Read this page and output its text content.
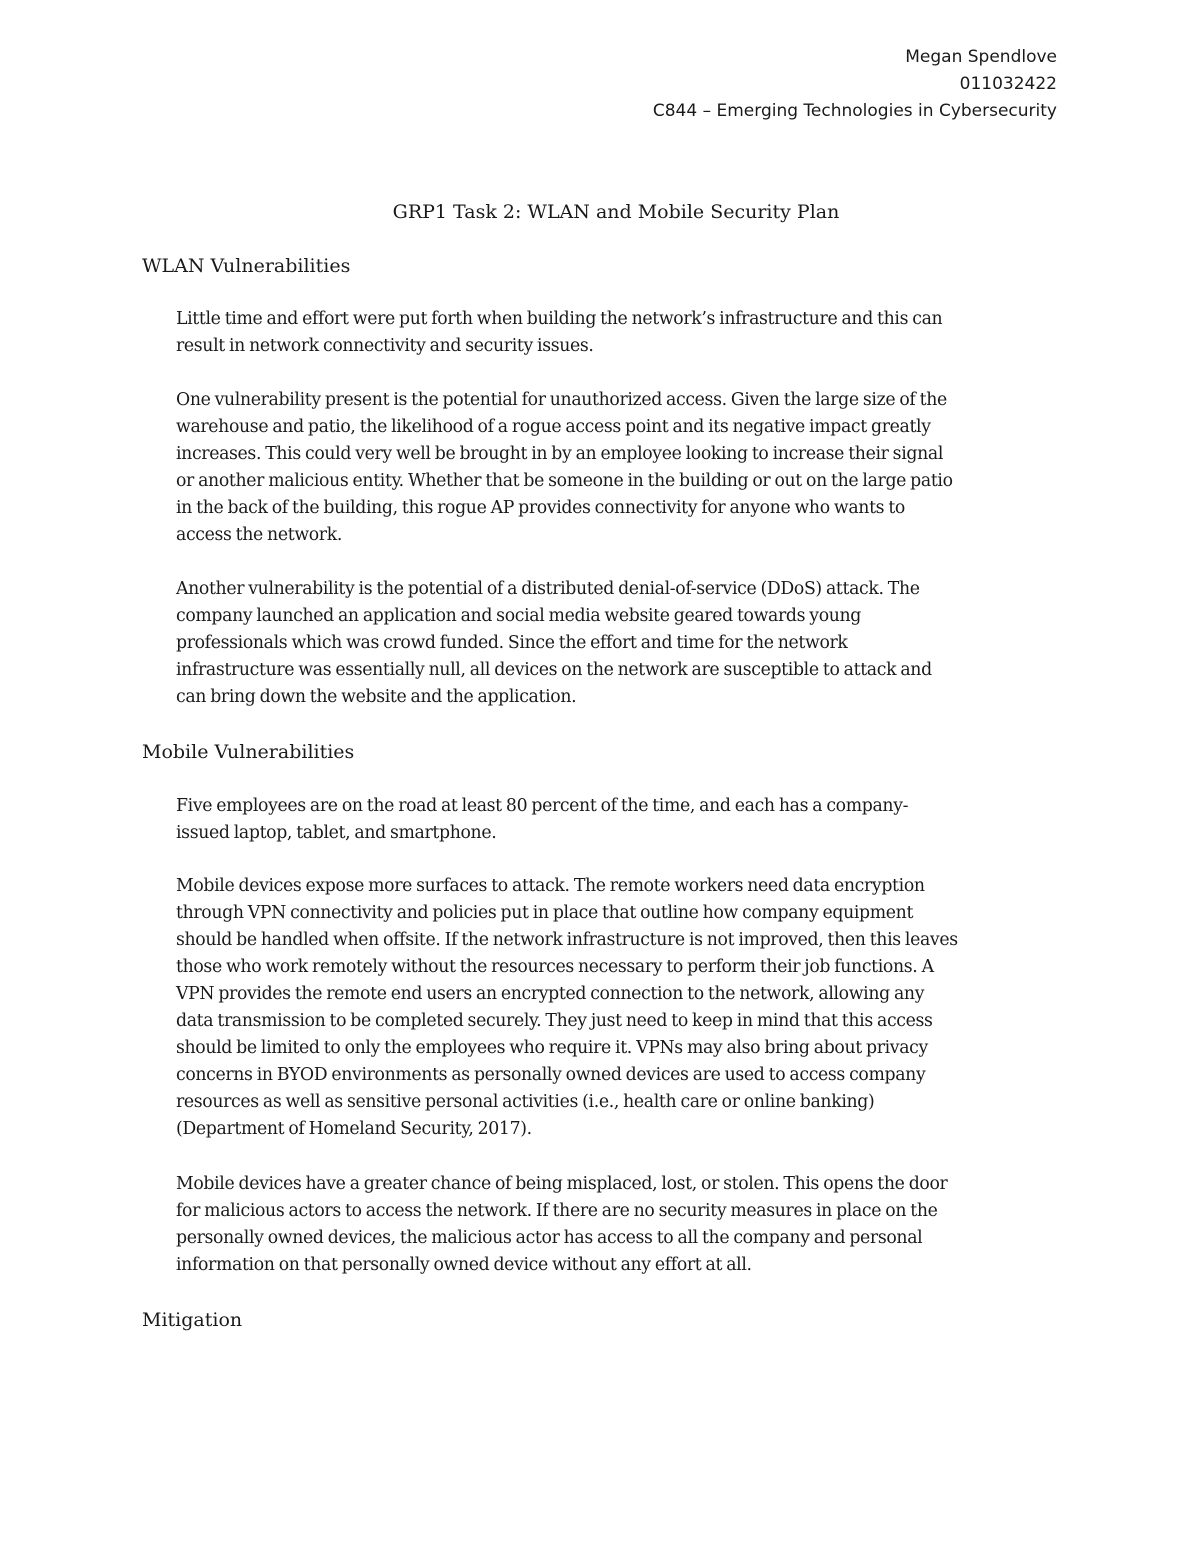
Megan Spendlove
011032422
C844 – Emerging Technologies in Cybersecurity
GRP1 Task 2: WLAN and Mobile Security Plan
WLAN Vulnerabilities

Little time and effort were put forth when building the network’s infrastructure and this can
result in network connectivity and security issues.

One vulnerability present is the potential for unauthorized access. Given the large size of the
warehouse and patio, the likelihood of a rogue access point and its negative impact greatly
increases. This could very well be brought in by an employee looking to increase their signal
or another malicious entity. Whether that be someone in the building or out on the large patio
in the back of the building, this rogue AP provides connectivity for anyone who wants to
access the network.

Another vulnerability is the potential of a distributed denial-of-service (DDoS) attack. The
company launched an application and social media website geared towards young
professionals which was crowd funded. Since the effort and time for the network
infrastructure was essentially null, all devices on the network are susceptible to attack and
can bring down the website and the application.

Mobile Vulnerabilities

Five employees are on the road at least 80 percent of the time, and each has a company-
issued laptop, tablet, and smartphone.

Mobile devices expose more surfaces to attack. The remote workers need data encryption
through VPN connectivity and policies put in place that outline how company equipment
should be handled when offsite. If the network infrastructure is not improved, then this leaves
those who work remotely without the resources necessary to perform their job functions. A
VPN provides the remote end users an encrypted connection to the network, allowing any
data transmission to be completed securely. They just need to keep in mind that this access
should be limited to only the employees who require it. VPNs may also bring about privacy
concerns in BYOD environments as personally owned devices are used to access company
resources as well as sensitive personal activities (i.e., health care or online banking)
(Department of Homeland Security, 2017).

Mobile devices have a greater chance of being misplaced, lost, or stolen. This opens the door
for malicious actors to access the network. If there are no security measures in place on the
personally owned devices, the malicious actor has access to all the company and personal
information on that personally owned device without any effort at all.

Mitigation
